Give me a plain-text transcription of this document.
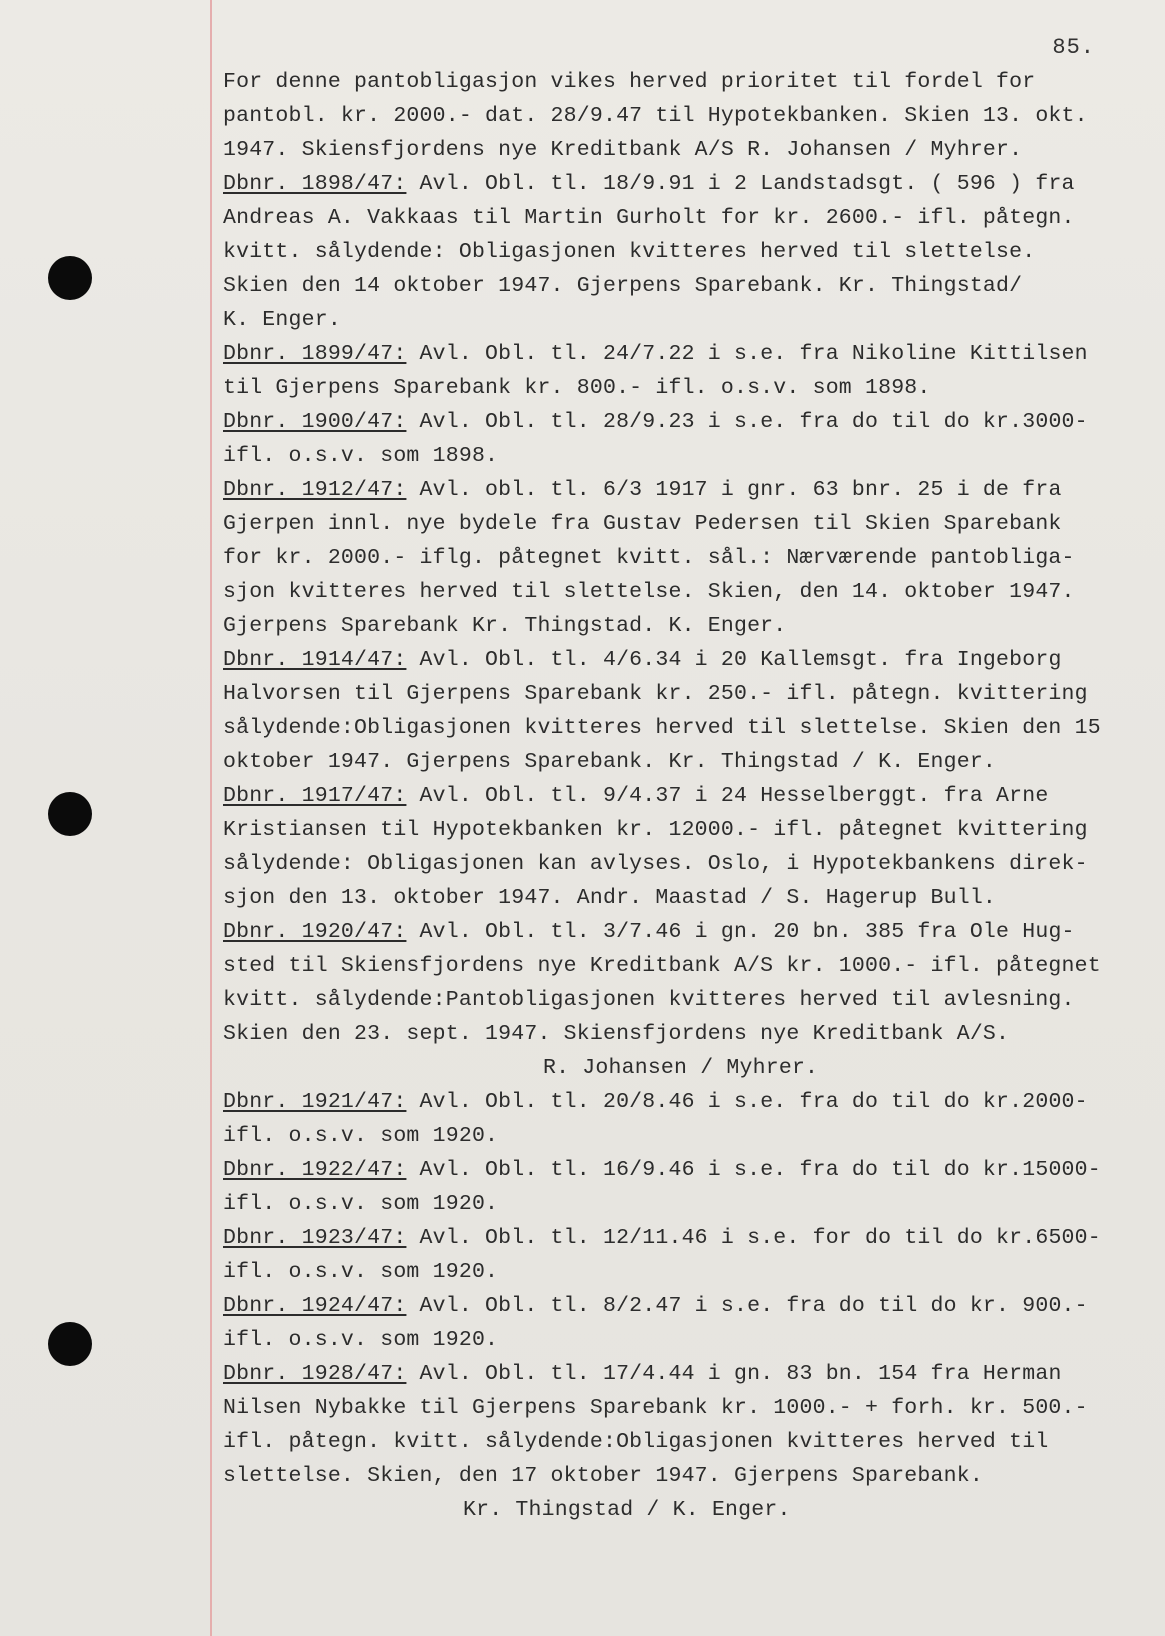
85.
For denne pantobligasjon vikes herved prioritet til fordel for
pantobl. kr. 2000.- dat. 28/9.47 til Hypotekbanken. Skien 13. okt.
1947. Skiensfjordens nye Kreditbank A/S R. Johansen / Myhrer.
Dbnr. 1898/47: Avl. Obl. tl. 18/9.91 i 2 Landstadsgt. ( 596 ) fra
Andreas A. Vakkaas til Martin Gurholt for kr. 2600.- ifl. påtegn.
kvitt. sålydende: Obligasjonen kvitteres herved til slettelse.
Skien den 14 oktober 1947. Gjerpens Sparebank. Kr. Thingstad/
K. Enger.
Dbnr. 1899/47: Avl. Obl. tl. 24/7.22 i s.e. fra Nikoline Kittilsen
til Gjerpens Sparebank kr. 800.- ifl. o.s.v. som 1898.
Dbnr. 1900/47: Avl. Obl. tl. 28/9.23 i s.e. fra do til do kr.3000-
ifl. o.s.v. som 1898.
Dbnr. 1912/47: Avl. obl. tl. 6/3 1917 i gnr. 63 bnr. 25 i de fra
Gjerpen innl. nye bydele fra Gustav Pedersen til Skien Sparebank
for kr. 2000.- iflg. påtegnet kvitt. sål.: Nærværende pantobliga-
sjon kvitteres herved til slettelse. Skien, den 14. oktober 1947.
Gjerpens Sparebank Kr. Thingstad. K. Enger.
Dbnr. 1914/47: Avl. Obl. tl. 4/6.34 i 20 Kallemsgt. fra Ingeborg
Halvorsen til Gjerpens Sparebank kr. 250.- ifl. påtegn. kvittering
sålydende:Obligasjonen kvitteres herved til slettelse. Skien den 15
oktober 1947. Gjerpens Sparebank. Kr. Thingstad / K. Enger.
Dbnr. 1917/47: Avl. Obl. tl. 9/4.37 i 24 Hesselberggt. fra Arne
Kristiansen til Hypotekbanken kr. 12000.- ifl. påtegnet kvittering
sålydende: Obligasjonen kan avlyses. Oslo, i Hypotekbankens direk-
sjon den 13. oktober 1947. Andr. Maastad / S. Hagerup Bull.
Dbnr. 1920/47: Avl. Obl. tl. 3/7.46 i gn. 20 bn. 385 fra Ole Hug-
sted til Skiensfjordens nye Kreditbank A/S kr. 1000.- ifl. påtegnet
kvitt. sålydende:Pantobligasjonen kvitteres herved til avlesning.
Skien den 23. sept. 1947. Skiensfjordens nye Kreditbank A/S.
R. Johansen / Myhrer.
Dbnr. 1921/47: Avl. Obl. tl. 20/8.46 i s.e. fra do til do kr.2000-
ifl. o.s.v. som 1920.
Dbnr. 1922/47: Avl. Obl. tl. 16/9.46 i s.e. fra do til do kr.15000-
ifl. o.s.v. som 1920.
Dbnr. 1923/47: Avl. Obl. tl. 12/11.46 i s.e. for do til do kr.6500-
ifl. o.s.v. som 1920.
Dbnr. 1924/47: Avl. Obl. tl. 8/2.47 i s.e. fra do til do kr. 900.-
ifl. o.s.v. som 1920.
Dbnr. 1928/47: Avl. Obl. tl. 17/4.44 i gn. 83 bn. 154 fra Herman
Nilsen Nybakke til Gjerpens Sparebank kr. 1000.- + forh. kr. 500.-
ifl. påtegn. kvitt. sålydende:Obligasjonen kvitteres herved til
slettelse. Skien, den 17 oktober 1947. Gjerpens Sparebank.
Kr. Thingstad / K. Enger.
